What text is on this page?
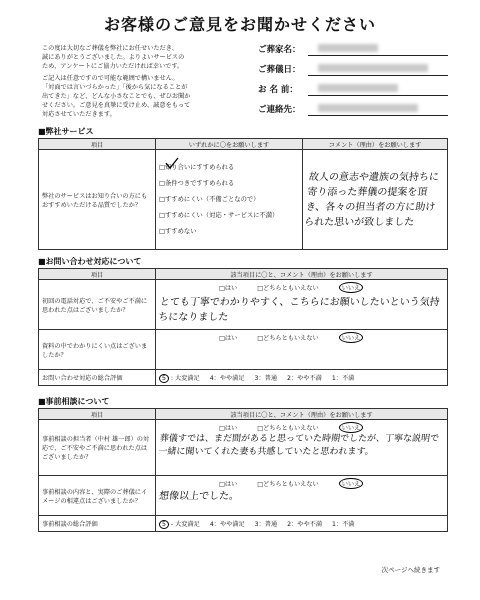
お客様のご意見をお聞かせください

この度は大切なご葬儀を弊社にお任せいただき、

誠にありがとうございました。よりよいサービスの

ため、アンケートにご協力いただければ幸いです。

ご記入は任意ですので可能な範囲で構いません。

「対面では言いづらかった」「後から気になることが

出てきた」など、どんな小さなことでも、ぜひお聞か

せください。ご意見を真摯に受け止め、誠意をもって

対応させていただきます。

ご葬家名：
ご葬儀日：
お 名 前：
ご連絡先：
■弊社サービス
項目	いずれかに〇をお願いします	コメント（理由）をお願いします
弊社のサービスはお知り合いの方にもおすすめいただける品質でしたか？	□知り合いにすすめられる
□条件つきですすめられる
□すすめにくい（不備ごとなので）
□すすめにくい（対応・サービスに不満）
□すすめない	故人の意志や遺族の気持ちに寄り添った葬儀の提案を頂き、各々の担当者の方に助けられた思いが致しました
■お問い合わせ対応について
項目	該当項目に〇と、コメント（理由）をお願いします
初回の電話対応で、ご不安やご不満に思われた点はございましたか？	□はい □どちらともいえない いいえ
とても丁寧でわかりやすく、こちらにお願いしたいという気持ちになりました

資料の中でわかりにくい点はございましたか？	□はい □どちらともいえない いいえ

お問い合わせ対応の総合評価	5 : 大変満足 4：やや満足 3：普通 2：やや不満 1：不満
■事前相談について
項目	該当項目に〇と、コメント（理由）をお願いします
事前相談の担当者（中村 雄一郎）の対応で、ご不安やご不満に思われた点はございましたか？	□はい □どちらともいえない いいえ
葬儀すでは、まだ間があると思っていた時期でしたが、丁寧な説明で一緒に聞いてくれた妻も共感していたと思われます。

事前相談の内容と、実際のご葬儀にイメージの相違点はございましたか？	□はい □どちらともいえない いいえ
想像以上でした。

事前相談の総合評価	5 - 大変満足 4：やや満足 3：普通 2：やや不満 1：不満
次ページへ続きます
